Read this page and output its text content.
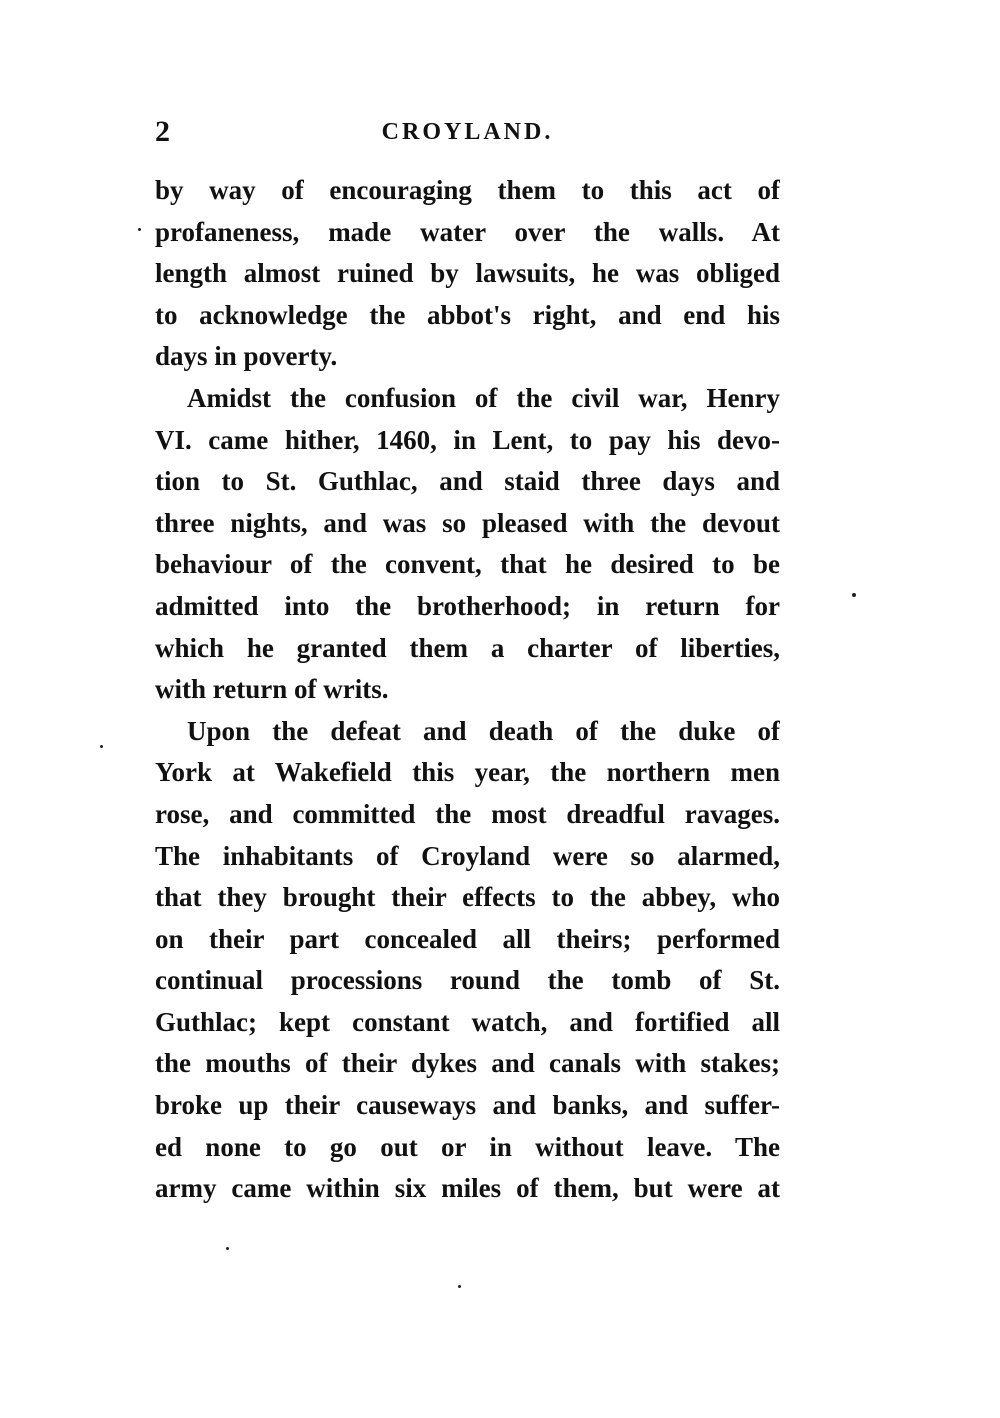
2	CROYLAND.
by way of encouraging them to this act of
profaneness, made water over the walls. At
length almost ruined by lawsuits, he was obliged
to acknowledge the abbot's right, and end his
days in poverty.
Amidst the confusion of the civil war, Henry
VI. came hither, 1460, in Lent, to pay his devo-
tion to St. Guthlac, and staid three days and
three nights, and was so pleased with the devout
behaviour of the convent, that he desired to be
admitted into the brotherhood; in return for
which he granted them a charter of liberties,
with return of writs.
Upon the defeat and death of the duke of
York at Wakefield this year, the northern men
rose, and committed the most dreadful ravages.
The inhabitants of Croyland were so alarmed,
that they brought their effects to the abbey, who
on their part concealed all theirs; performed
continual processions round the tomb of St.
Guthlac; kept constant watch, and fortified all
the mouths of their dykes and canals with stakes;
broke up their causeways and banks, and suffer-
ed none to go out or in without leave. The
army came within six miles of them, but were at
